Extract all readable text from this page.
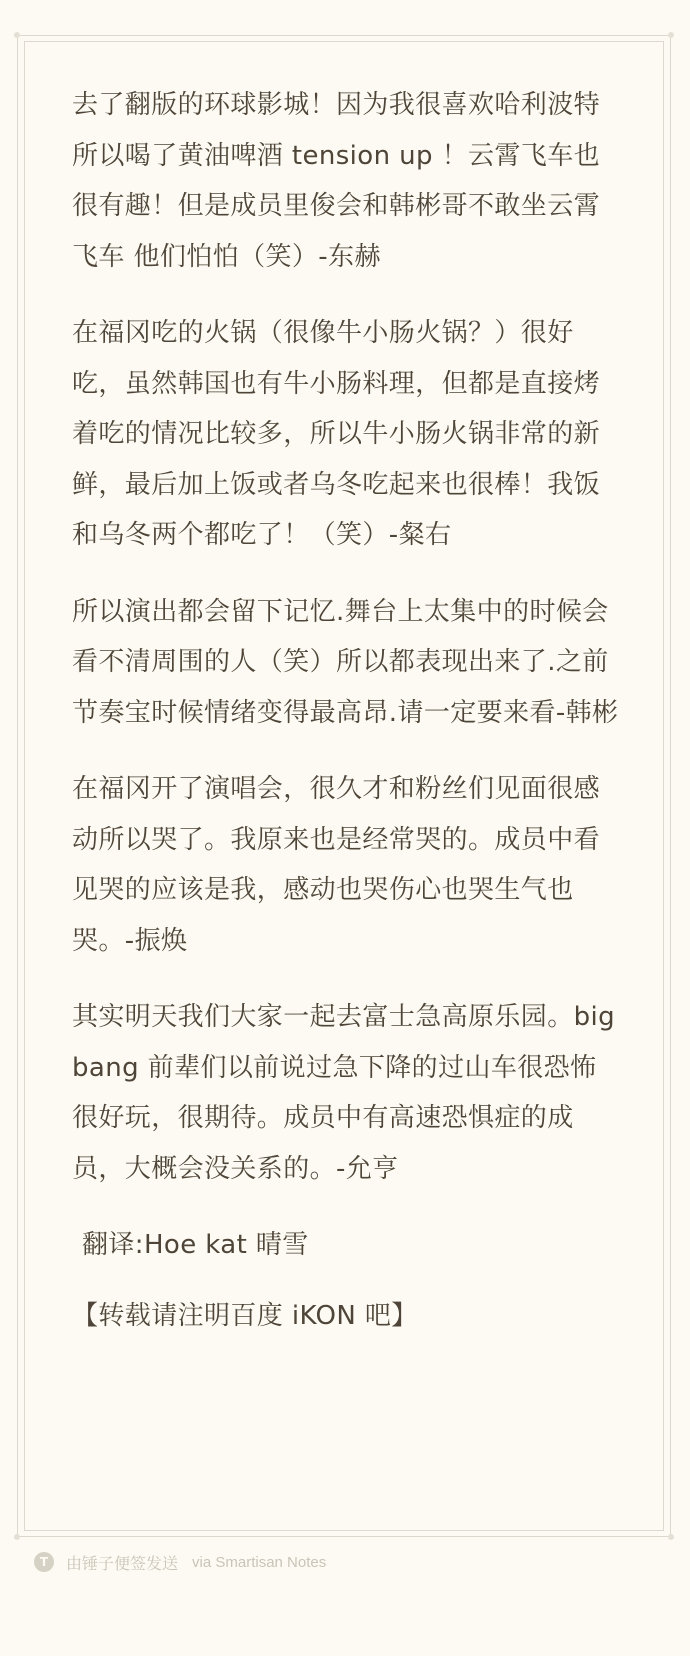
去了翻版的环球影城！因为我很喜欢哈利波特所以喝了黄油啤酒 tension up ！云霄飞车也很有趣！但是成员里俊会和韩彬哥不敢坐云霄飞车 他们怕怕（笑）-东赫

在福冈吃的火锅（很像牛小肠火锅？）很好吃，虽然韩国也有牛小肠料理，但都是直接烤着吃的情况比较多，所以牛小肠火锅非常的新鲜，最后加上饭或者乌冬吃起来也很棒！我饭和乌冬两个都吃了！（笑）-粲右

所以演出都会留下记忆.舞台上太集中的时候会看不清周围的人（笑）所以都表现出来了.之前节奏宝时候情绪变得最高昂.请一定要来看-韩彬

在福冈开了演唱会，很久才和粉丝们见面很感动所以哭了。我原来也是经常哭的。成员中看见哭的应该是我，感动也哭伤心也哭生气也哭。-振焕

其实明天我们大家一起去富士急高原乐园。bigbang 前辈们以前说过急下降的过山车很恐怖很好玩，很期待。成员中有高速恐惧症的成员，大概会没关系的。-允亨

翻译:Hoe kat 晴雪

【转载请注明百度 iKON 吧】

T	由锤子便签发送 via Smartisan Notes
